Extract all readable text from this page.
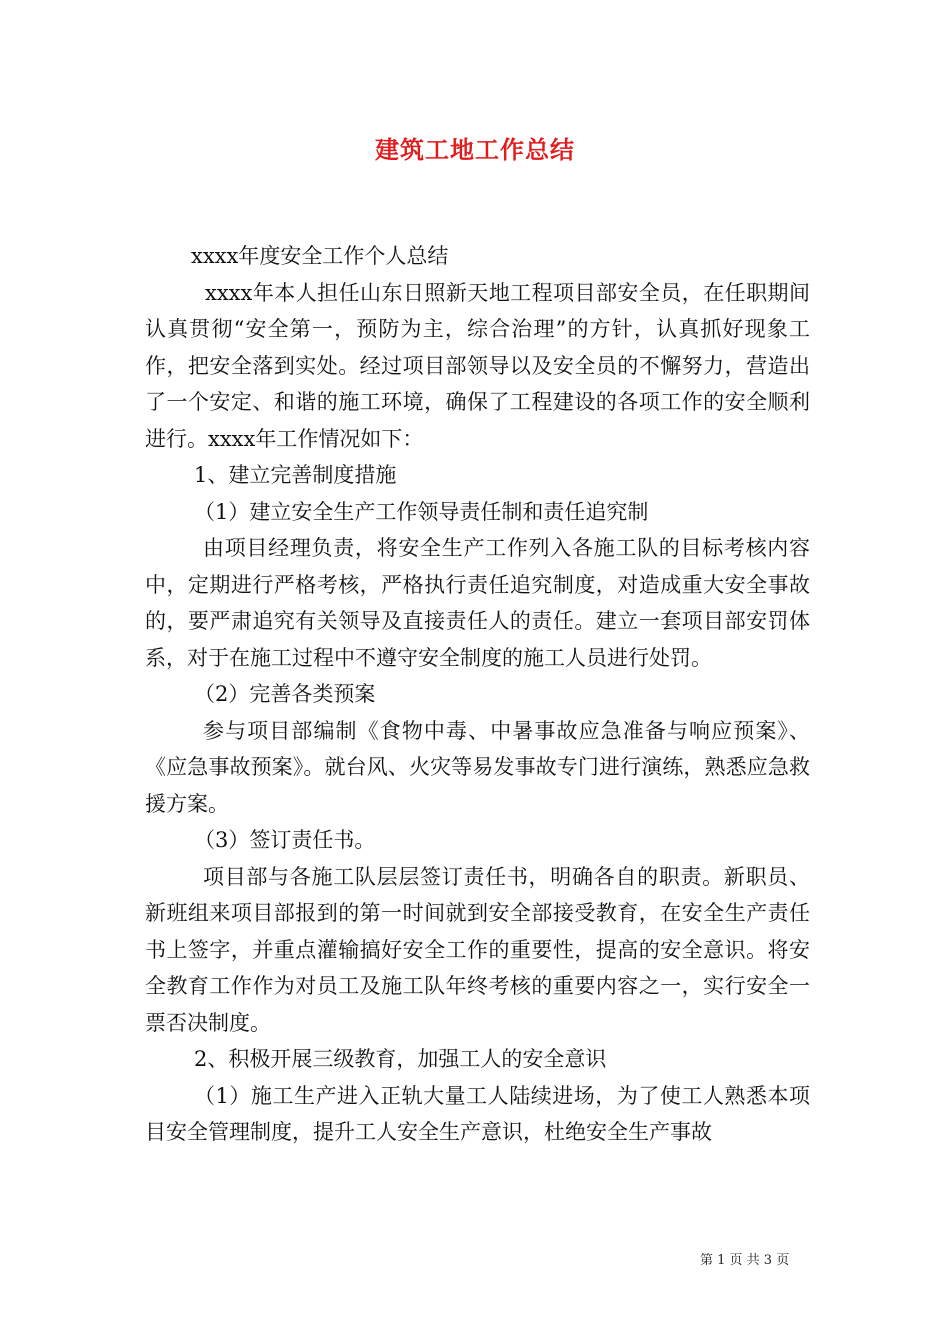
建筑工地工作总结

xxxx年度安全工作个人总结

xxxx年本人担任山东日照新天地工程项目部安全员，在任职期间认真贯彻“安全第一，预防为主，综合治理”的方针，认真抓好现象工作，把安全落到实处。经过项目部领导以及安全员的不懈努力，营造出了一个安定、和谐的施工环境，确保了工程建设的各项工作的安全顺利进行。xxxx年工作情况如下：

1、建立完善制度措施

（1）建立安全生产工作领导责任制和责任追究制

由项目经理负责，将安全生产工作列入各施工队的目标考核内容中，定期进行严格考核，严格执行责任追究制度，对造成重大安全事故的，要严肃追究有关领导及直接责任人的责任。建立一套项目部安罚体系，对于在施工过程中不遵守安全制度的施工人员进行处罚。

（2）完善各类预案

参与项目部编制《食物中毒、中暑事故应急准备与响应预案》、《应急事故预案》。就台风、火灾等易发事故专门进行演练，熟悉应急救援方案。

（3）签订责任书。

项目部与各施工队层层签订责任书，明确各自的职责。新职员、新班组来项目部报到的第一时间就到安全部接受教育，在安全生产责任书上签字，并重点灌输搞好安全工作的重要性，提高的安全意识。将安全教育工作作为对员工及施工队年终考核的重要内容之一，实行安全一票否决制度。

2、积极开展三级教育，加强工人的安全意识

（1）施工生产进入正轨大量工人陆续进场，为了使工人熟悉本项目安全管理制度，提升工人安全生产意识，杜绝安全生产事故

第 1 页 共 3 页
